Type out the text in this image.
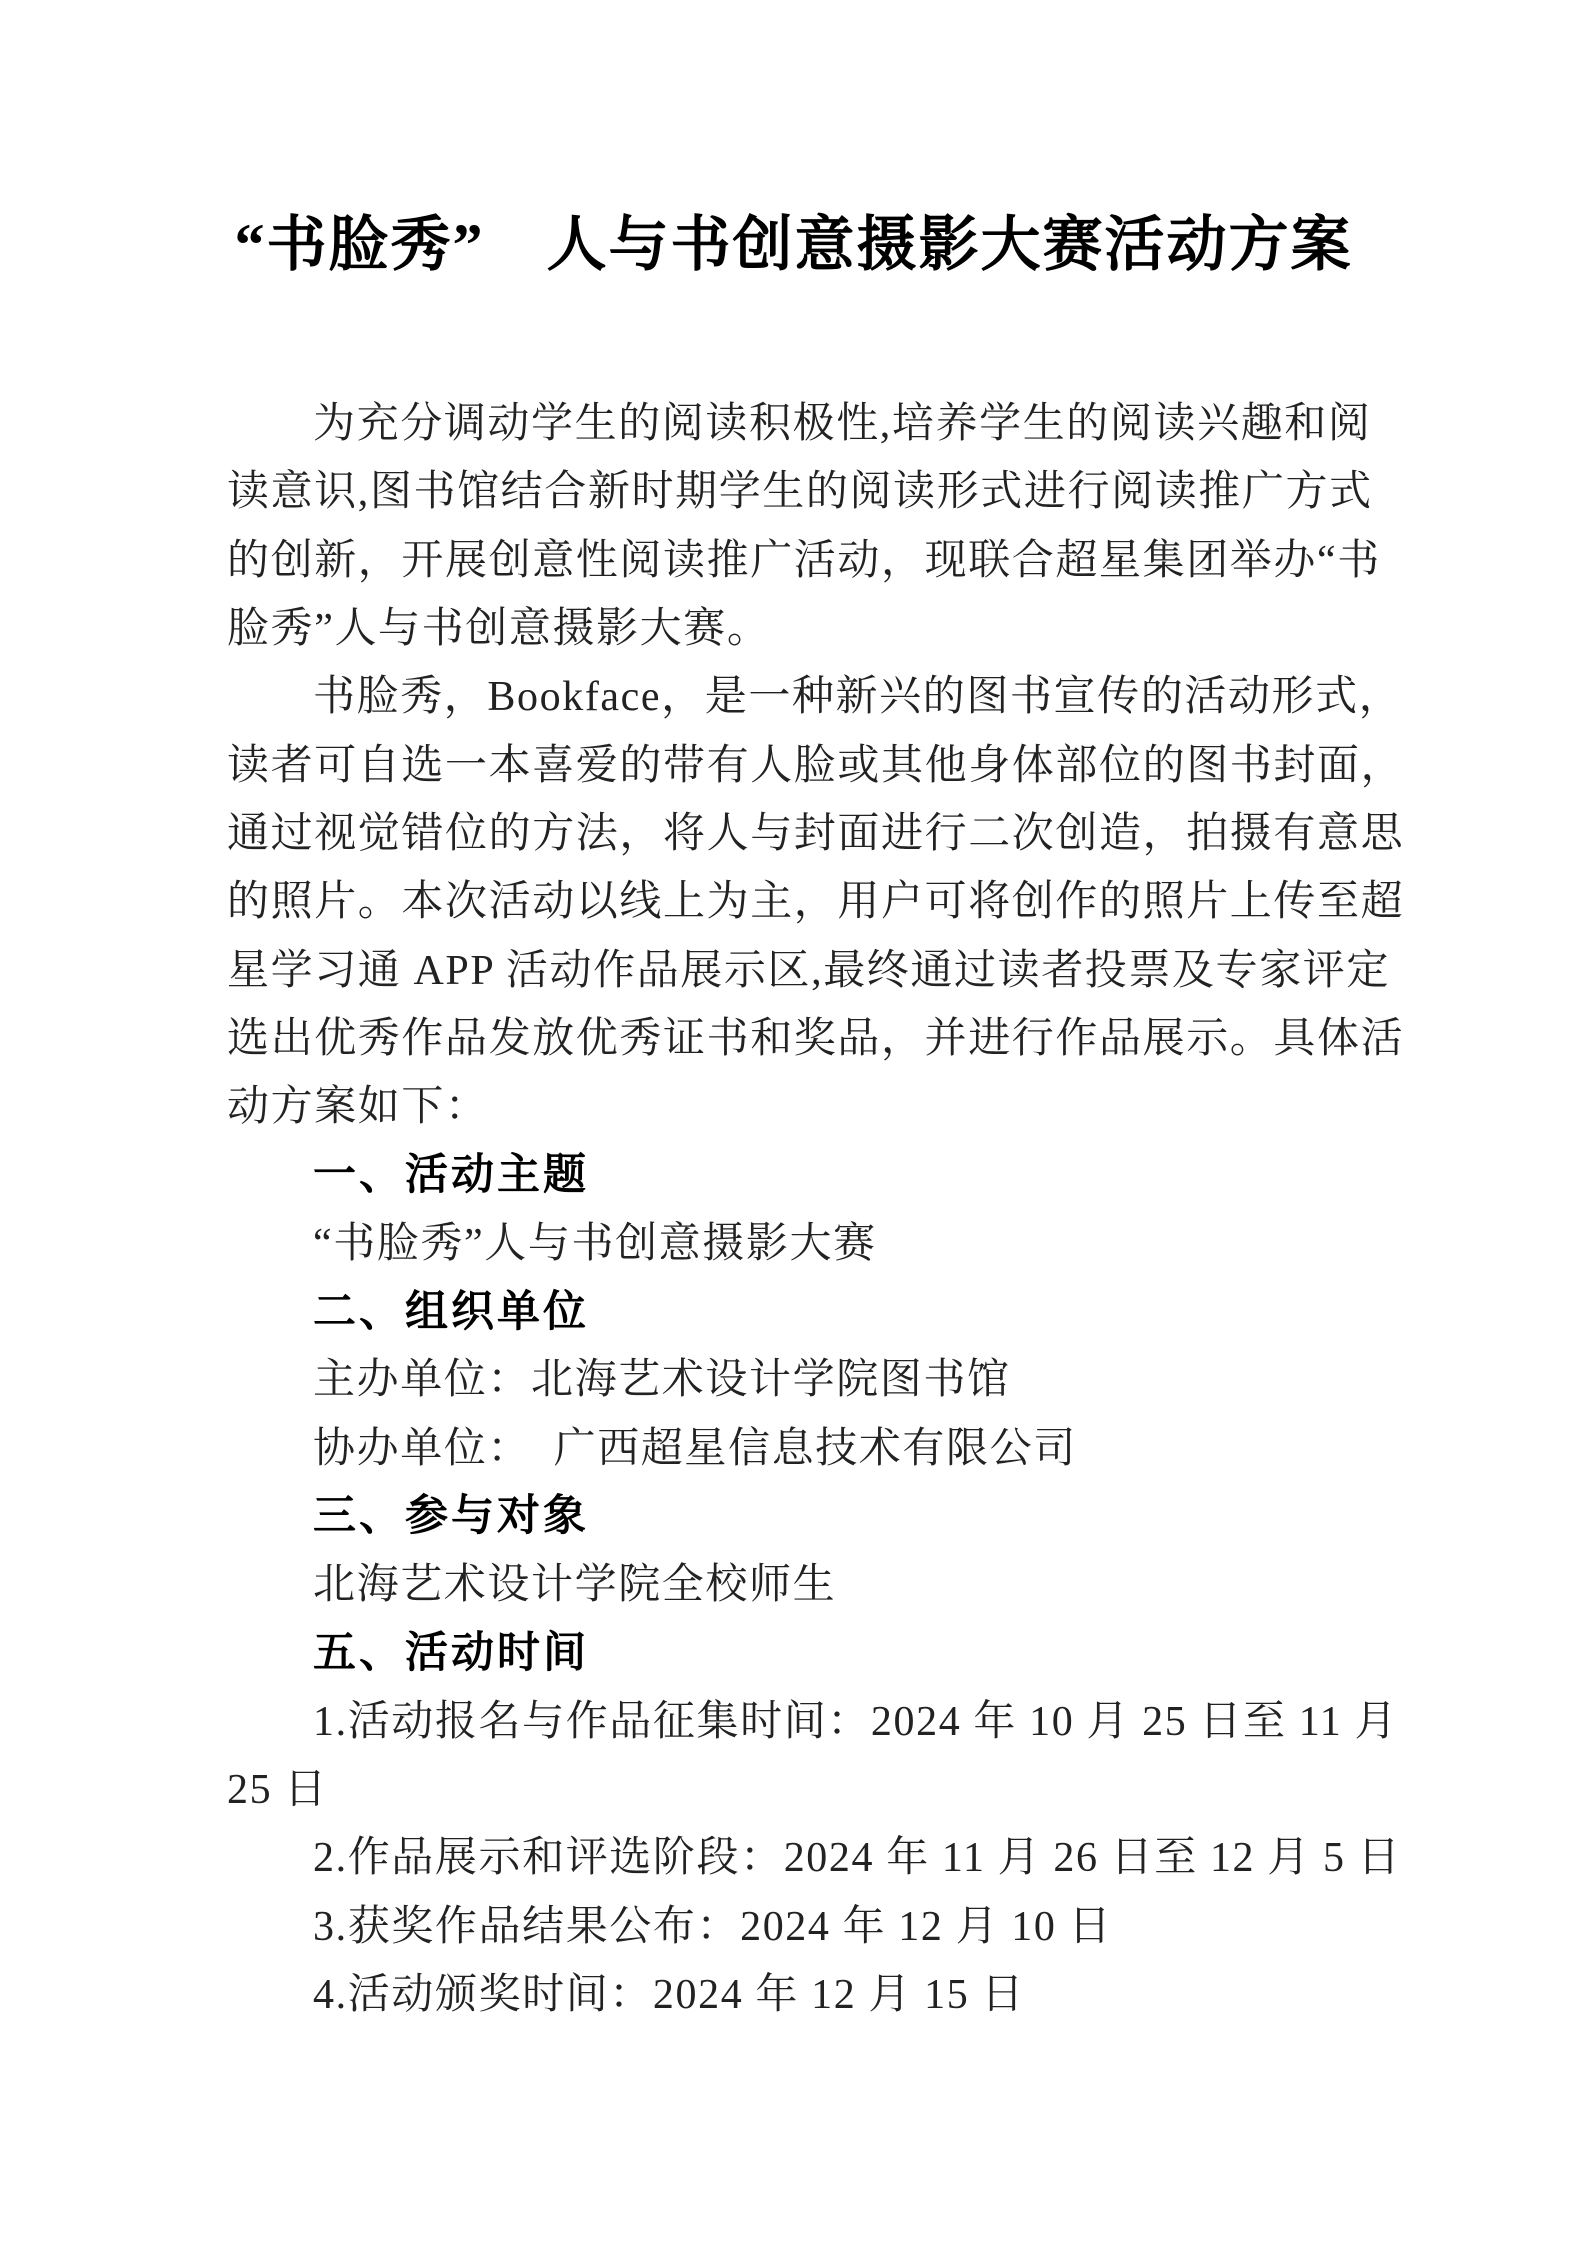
“书脸秀”　人与书创意摄影大赛活动方案
为充分调动学生的阅读积极性,培养学生的阅读兴趣和阅
读意识,图书馆结合新时期学生的阅读形式进行阅读推广方式
的创新，开展创意性阅读推广活动，现联合超星集团举办“书
脸秀”人与书创意摄影大赛。
书脸秀，Bookface，是一种新兴的图书宣传的活动形式，
读者可自选一本喜爱的带有人脸或其他身体部位的图书封面，
通过视觉错位的方法，将人与封面进行二次创造，拍摄有意思
的照片。本次活动以线上为主，用户可将创作的照片上传至超
星学习通 APP 活动作品展示区,最终通过读者投票及专家评定
选出优秀作品发放优秀证书和奖品，并进行作品展示。具体活
动方案如下：
一、活动主题
“书脸秀”人与书创意摄影大赛
二、组织单位
主办单位：北海艺术设计学院图书馆
协办单位：　广西超星信息技术有限公司
三、参与对象
北海艺术设计学院全校师生
五、活动时间
1.活动报名与作品征集时间：2024 年 10 月 25 日至 11 月
25 日
2.作品展示和评选阶段：2024 年 11 月 26 日至 12 月 5 日
3.获奖作品结果公布：2024 年 12 月 10 日
4.活动颁奖时间：2024 年 12 月 15 日
